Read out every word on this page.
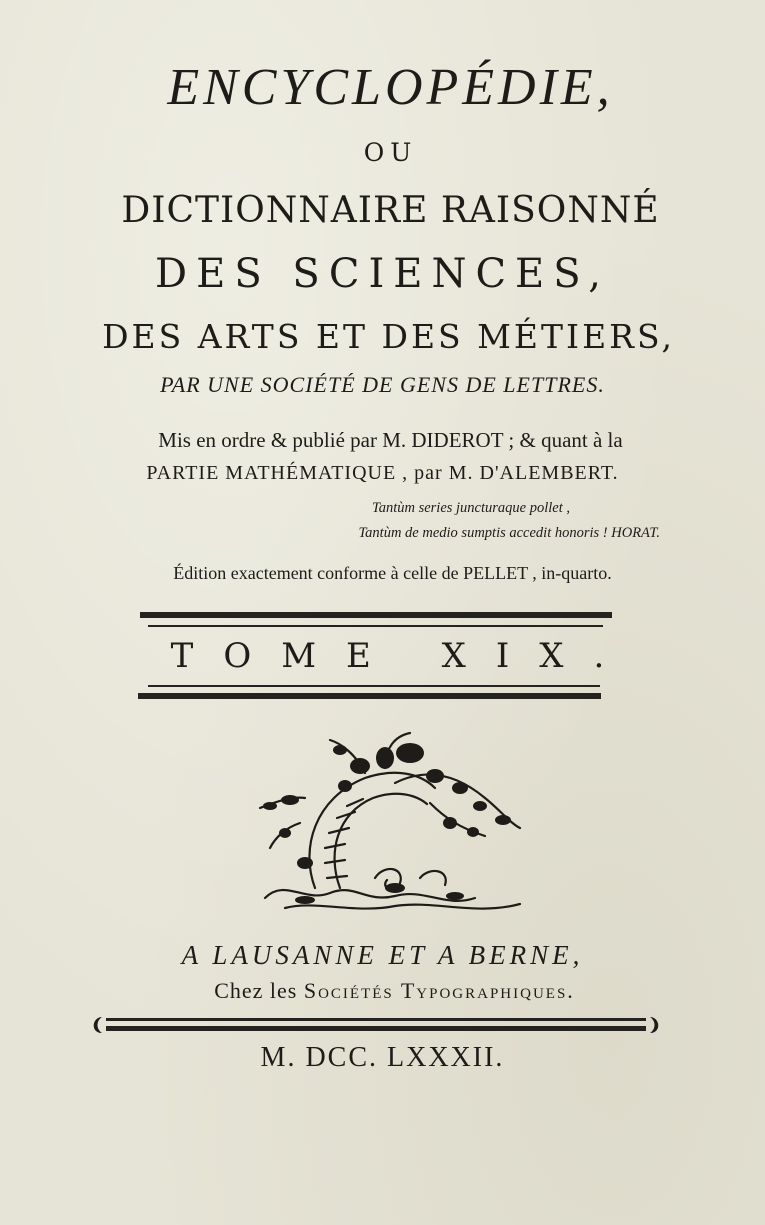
ENCYCLOPÉDIE,
OU
DICTIONNAIRE RAISONNÉ
DES SCIENCES,
DES ARTS ET DES MÉTIERS,
PAR UNE SOCIÉTÉ DE GENS DE LETTRES.
Mis en ordre & publié par M. DIDEROT ; & quant à la
PARTIE MATHÉMATIQUE , par M. D'ALEMBERT.
Tantùm series juncturaque pollet ,
Tantùm de medio sumptis accedit honoris ! HORAT.
Édition exactement conforme à celle de PELLET , in-quarto.
TOME XIX.
A LAUSANNE ET A BERNE,
Chez les Sociétés Typographiques.
M. DCC. LXXXII.
